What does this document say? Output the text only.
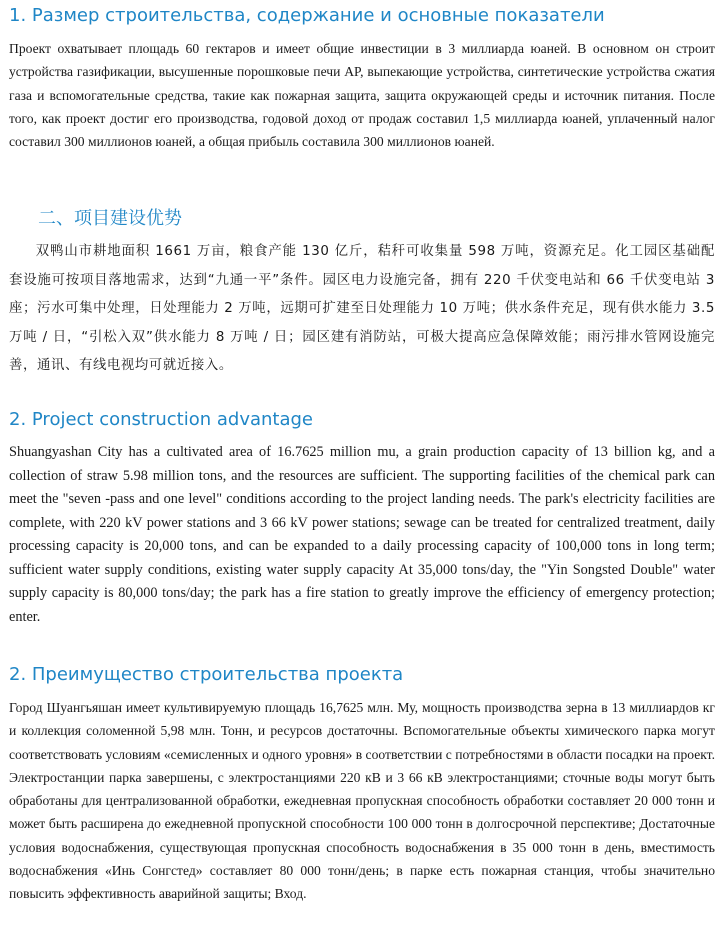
1. Размер строительства, содержание и основные показатели

Проект охватывает площадь 60 гектаров и имеет общие инвестиции в 3 миллиарда юаней. В основном он строит устройства газификации, высушенные порошковые печи AP, выпекающие устройства, синтетические устройства сжатия газа и вспомогательные средства, такие как пожарная защита, защита окружающей среды и источник питания. После того, как проект достиг его производства, годовой доход от продаж составил 1,5 миллиарда юаней, уплаченный налог составил 300 миллионов юаней, а общая прибыль составила 300 миллионов юаней.

二、项目建设优势

双鸭山市耕地面积 1661 万亩，粮食产能 130 亿斤，秸秆可收集量 598 万吨，资源充足。化工园区基础配套设施可按项目落地需求，达到“九通一平”条件。园区电力设施完备，拥有 220 千伏变电站和 66 千伏变电站 3 座；污水可集中处理，日处理能力 2 万吨，远期可扩建至日处理能力 10 万吨；供水条件充足，现有供水能力 3.5 万吨 / 日，“引松入双”供水能力 8 万吨 / 日；园区建有消防站，可极大提高应急保障效能；雨污排水管网设施完善，通讯、有线电视均可就近接入。

2. Project construction advantage

Shuangyashan City has a cultivated area of 16.7625 million mu, a grain production capacity of 13 billion kg, and a collection of straw 5.98 million tons, and the resources are sufficient. The supporting facilities of the chemical park can meet the "seven -pass and one level" conditions according to the project landing needs. The park's electricity facilities are complete, with 220 kV power stations and 3 66 kV power stations; sewage can be treated for centralized treatment, daily processing capacity is 20,000 tons, and can be expanded to a daily processing capacity of 100,000 tons in long term; sufficient water supply conditions, existing water supply capacity At 35,000 tons/day, the "Yin Songsted Double" water supply capacity is 80,000 tons/day; the park has a fire station to greatly improve the efficiency of emergency protection; enter.

2. Преимущество строительства проекта

Город Шуангьяшан имеет культивируемую площадь 16,7625 млн. Му, мощность производства зерна в 13 миллиардов кг и коллекция соломенной 5,98 млн. Тонн, и ресурсов достаточны. Вспомогательные объекты химического парка могут соответствовать условиям «семисленных и одного уровня» в соответствии с потребностями в области посадки на проект. Электростанции парка завершены, с электростанциями 220 кВ и 3 66 кВ электростанциями; сточные воды могут быть обработаны для централизованной обработки, ежедневная пропускная способность обработки составляет 20 000 тонн и может быть расширена до ежедневной пропускной способности 100 000 тонн в долгосрочной перспективе; Достаточные условия водоснабжения, существующая пропускная способность водоснабжения в 35 000 тонн в день, вместимость водоснабжения «Инь Сонгстед» составляет 80 000 тонн/день; в парке есть пожарная станция, чтобы значительно повысить эффективность аварийной защиты; Вход.
